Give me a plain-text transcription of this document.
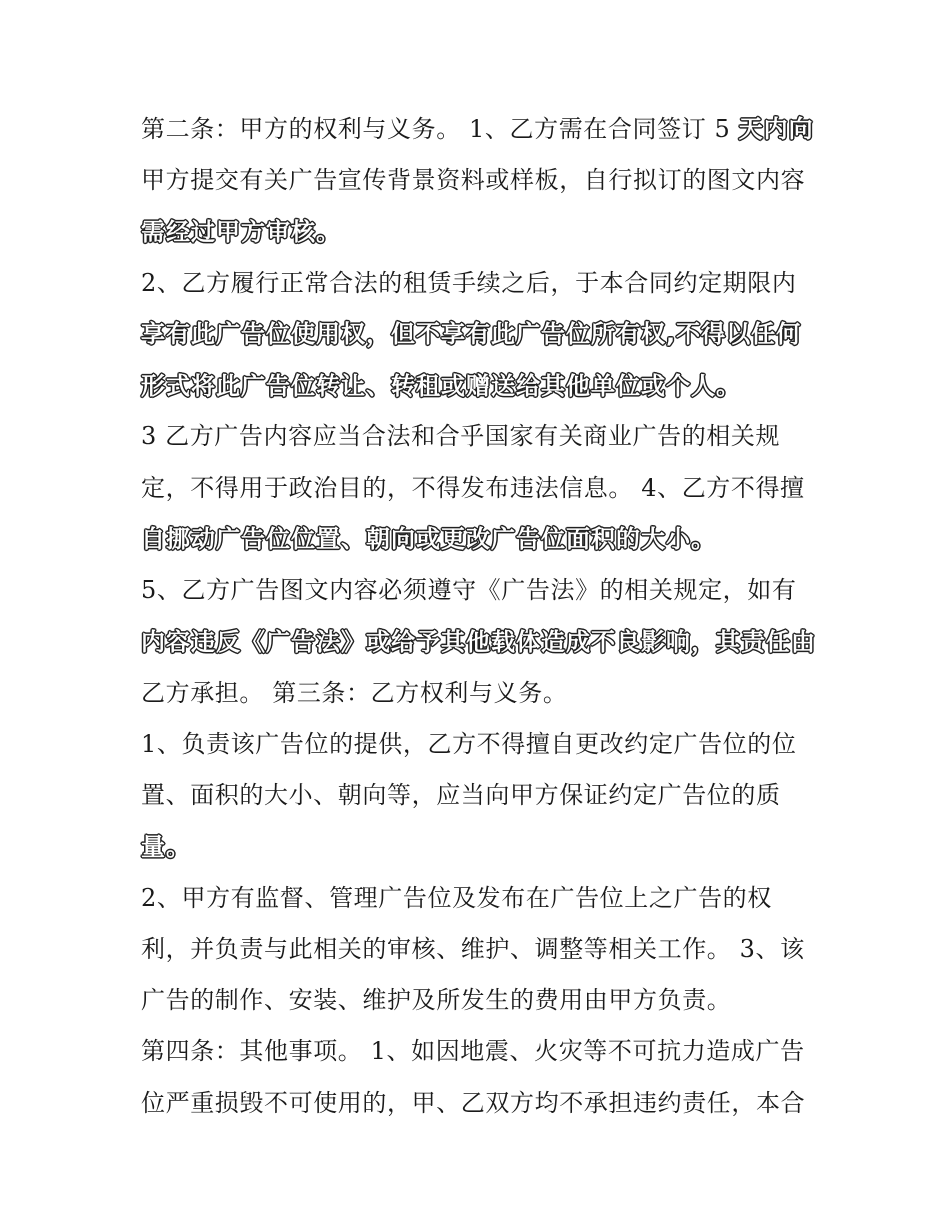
第二条：甲方的权利与义务。 1、乙方需在合同签订 5 天内向
甲方提交有关广告宣传背景资料或样板，自行拟订的图文内容
需经过甲方审核。
2、乙方履行正常合法的租赁手续之后，于本合同约定期限内
享有此广告位使用权，但不享有此广告位所有权,不得以任何
形式将此广告位转让、转租或赠送给其他单位或个人。
3 乙方广告内容应当合法和合乎国家有关商业广告的相关规
定，不得用于政治目的，不得发布违法信息。 4、乙方不得擅
自挪动广告位位置、朝向或更改广告位面积的大小。
5、乙方广告图文内容必须遵守《广告法》的相关规定，如有
内容违反《广告法》或给予其他载体造成不良影响，其责任由
乙方承担。 第三条：乙方权利与义务。
1、负责该广告位的提供，乙方不得擅自更改约定广告位的位
置、面积的大小、朝向等，应当向甲方保证约定广告位的质
量。
2、甲方有监督、管理广告位及发布在广告位上之广告的权
利，并负责与此相关的审核、维护、调整等相关工作。 3、该
广告的制作、安装、维护及所发生的费用由甲方负责。
第四条：其他事项。 1、如因地震、火灾等不可抗力造成广告
位严重损毁不可使用的，甲、乙双方均不承担违约责任，本合
